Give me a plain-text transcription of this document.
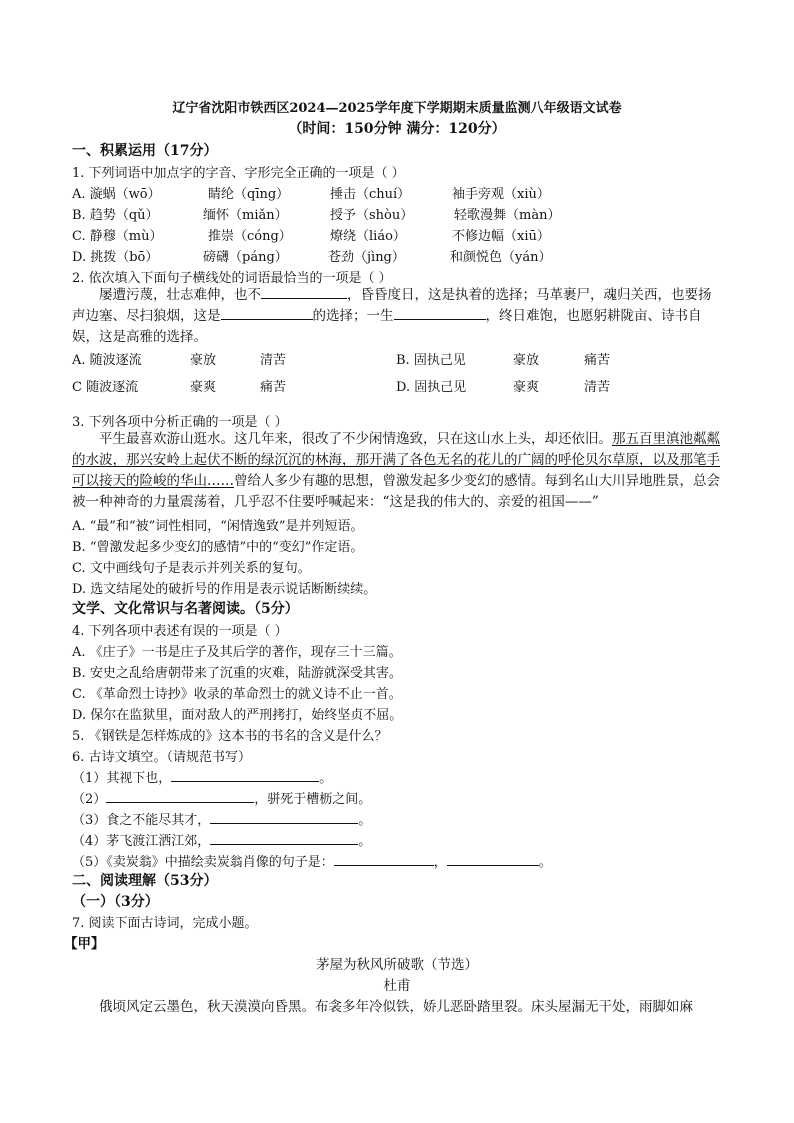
辽宁省沈阳市铁西区2024—2025学年度下学期期末质量监测八年级语文试卷
（时间：150分钟 满分：120分）
一、积累运用（17分）
1. 下列词语中加点字的字音、字形完全正确的一项是（ ）
A. 漩蜗（wō）	睛纶（qīng）	捶击（chuí）	袖手旁观（xiù）
B. 趋势（qǔ）	缅怀（miǎn）	授予（shòu）	轻歌漫舞（màn）
C. 静穆（mù）	推崇（cóng）	燎绕（liáo）	不修边幅（xiū）
D. 挑拨（bō）	磅礴（páng）	苍劲（jìng）	和颜悦色（yán）
2. 依次填入下面句子横线处的词语最恰当的一项是（ ）
屡遭污蔑，壮志难伸，也不	，昏昏度日，这是执着的选择；马革裹尸，魂归关西，也要扬声边塞、尽扫狼烟，这是	的选择；一生	，终日难饱，也愿躬耕陇亩、诗书自娱，这是高雅的选择。
A. 随波逐流	豪放	清苦	B. 固执己见	豪放	痛苦
C 随波逐流	豪爽	痛苦	D. 固执己见	豪爽	清苦
3. 下列各项中分析正确的一项是（ ）
平生最喜欢游山逛水。这几年来，很改了不少闲情逸致，只在这山水上头，却还依旧。那五百里滇池粼粼的水波，那兴安岭上起伏不断的绿沉沉的林海，那开满了各色无名的花儿的广阔的呼伦贝尔草原，以及那笔手可以接天的险峻的华山……曾给人多少有趣的思想，曾激发起多少变幻的感情。每到名山大川异地胜景，总会被一种神奇的力量震荡着，几乎忍不住要呼喊起来：“这是我的伟大的、亲爱的祖国——”
A. “最”和“被”词性相同，“闲情逸致”是并列短语。
B. “曾激发起多少变幻的感情”中的“变幻”作定语。
C. 文中画线句子是表示并列关系的复句。
D. 选文结尾处的破折号的作用是表示说话断断续续。
文学、文化常识与名著阅读。（5分）
4. 下列各项中表述有误的一项是（ ）
A. 《庄子》一书是庄子及其后学的著作，现存三十三篇。
B. 安史之乱给唐朝带来了沉重的灾难，陆游就深受其害。
C. 《革命烈士诗抄》收录的革命烈士的就义诗不止一首。
D. 保尔在监狱里，面对敌人的严刑拷打，始终坚贞不屈。
5. 《钢铁是怎样炼成的》这本书的书名的含义是什么？
6. 古诗文填空。（请规范书写）
（1）其视下也，	。
（2）	，骈死于槽枥之间。
（3）食之不能尽其才，	。
（4）茅飞渡江洒江郊，	。
（5）《卖炭翁》中描绘卖炭翁肖像的句子是：	，	。
二、阅读理解（53分）
（一）（3分）
7. 阅读下面古诗词，完成小题。
【甲】
茅屋为秋风所破歌（节选）
杜甫
俄顷风定云墨色，秋天漠漠向昏黑。布衾多年冷似铁，娇儿恶卧踏里裂。床头屋漏无干处，雨脚如麻
